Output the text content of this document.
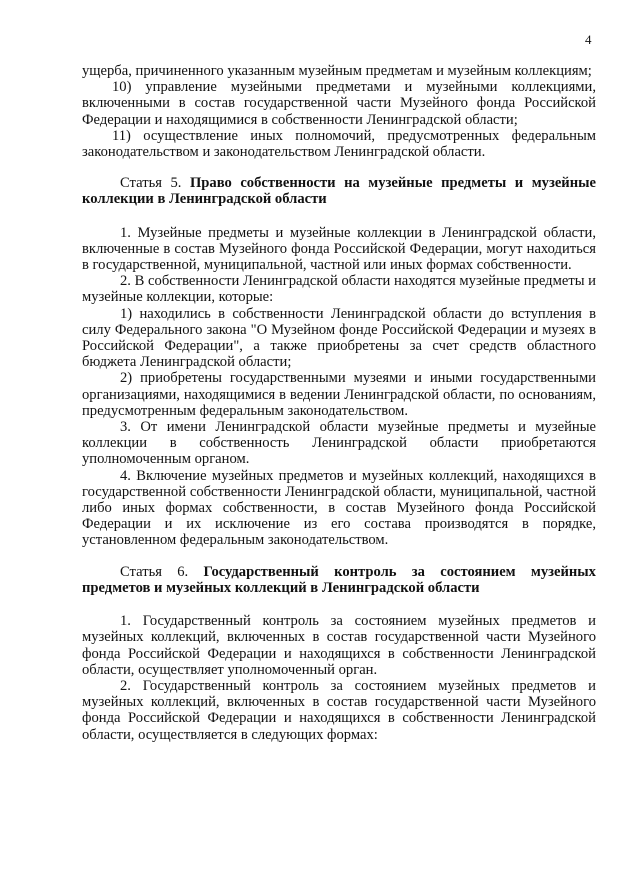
4

ущерба, причиненного указанным музейным предметам и музейным коллекциям;

10) управление музейными предметами и музейными коллекциями, включенными в состав государственной части Музейного фонда Российской Федерации и находящимися в собственности Ленинградской области;

11) осуществление иных полномочий, предусмотренных федеральным законодательством и законодательством Ленинградской области.

Статья 5. Право собственности на музейные предметы и музейные коллекции в Ленинградской области

1. Музейные предметы и музейные коллекции в Ленинградской области, включенные в состав Музейного фонда Российской Федерации, могут находиться в государственной, муниципальной, частной или иных формах собственности.

2. В собственности Ленинградской области находятся музейные предметы и музейные коллекции, которые:

1) находились в собственности Ленинградской области до вступления в силу Федерального закона "О Музейном фонде Российской Федерации и музеях в Российской Федерации", а также приобретены за счет средств областного бюджета Ленинградской области;

2) приобретены государственными музеями и иными государственными организациями, находящимися в ведении Ленинградской области, по основаниям, предусмотренным федеральным законодательством.

3. От имени Ленинградской области музейные предметы и музейные коллекции в собственность Ленинградской области приобретаются уполномоченным органом.

4. Включение музейных предметов и музейных коллекций, находящихся в государственной собственности Ленинградской области, муниципальной, частной либо иных формах собственности, в состав Музейного фонда Российской Федерации и их исключение из его состава производятся в порядке, установленном федеральным законодательством.

Статья 6. Государственный контроль за состоянием музейных предметов и музейных коллекций в Ленинградской области

1. Государственный контроль за состоянием музейных предметов и музейных коллекций, включенных в состав государственной части Музейного фонда Российской Федерации и находящихся в собственности Ленинградской области, осуществляет уполномоченный орган.

2. Государственный контроль за состоянием музейных предметов и музейных коллекций, включенных в состав государственной части Музейного фонда Российской Федерации и находящихся в собственности Ленинградской области, осуществляется в следующих формах:
